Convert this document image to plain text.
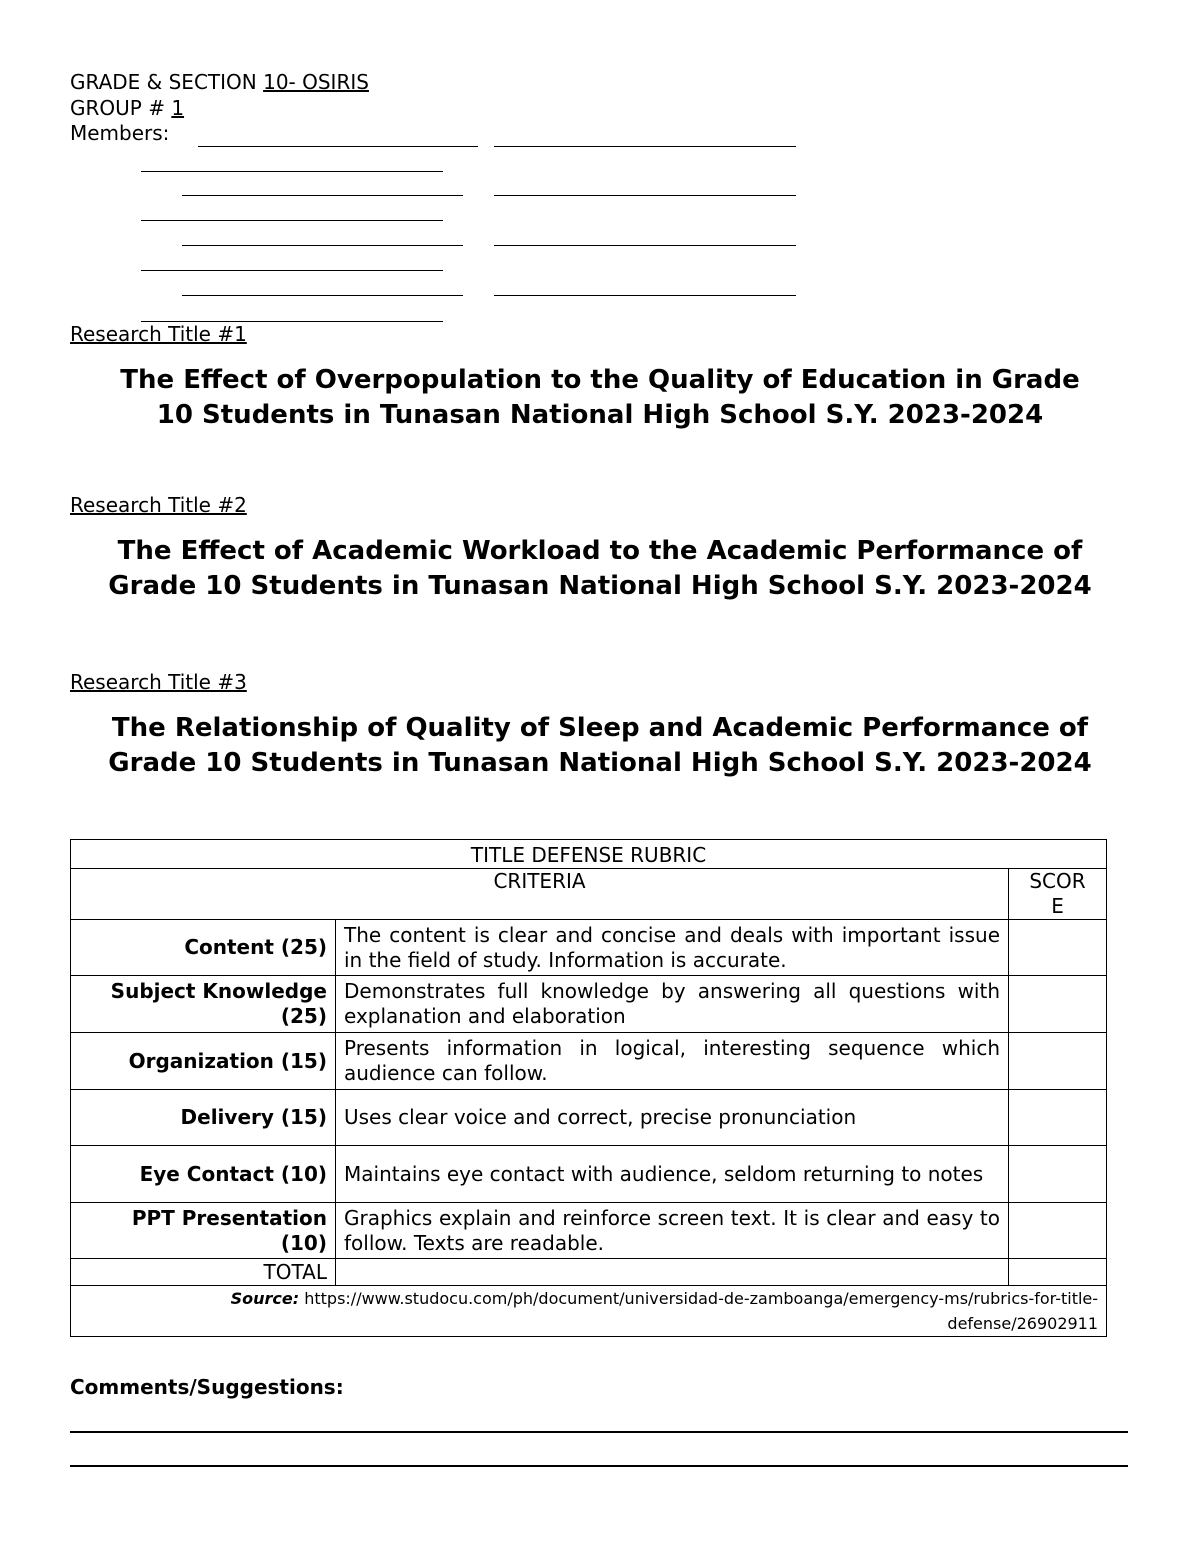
GRADE & SECTION 10- OSIRIS
GROUP # 1
Members:
Research Title #1
The Effect of Overpopulation to the Quality of Education in Grade
10 Students in Tunasan National High School S.Y. 2023-2024
Research Title #2
The Effect of Academic Workload to the Academic Performance of
Grade 10 Students in Tunasan National High School S.Y. 2023-2024
Research Title #3
The Relationship of Quality of Sleep and Academic Performance of
Grade 10 Students in Tunasan National High School S.Y. 2023-2024
TITLE DEFENSE RUBRIC		
CRITERIA		SCOR
E

Content (25)	The content is clear and concise and deals with important issue in the field of study. Information is accurate.	
Subject Knowledge (25)	Demonstrates full knowledge by answering all questions with explanation and elaboration	
Organization (15)	Presents information in logical, interesting sequence which audience can follow.	
Delivery (15)	Uses clear voice and correct, precise pronunciation	
Eye Contact (10)	Maintains eye contact with audience, seldom returning to notes	
PPT Presentation (10)	Graphics explain and reinforce screen text. It is clear and easy to follow. Texts are readable.	
TOTAL		

Source: https://www.studocu.com/ph/document/universidad-de-zamboanga/emergency-ms/rubrics-for-title-
defense/26902911		
Comments/Suggestions:
